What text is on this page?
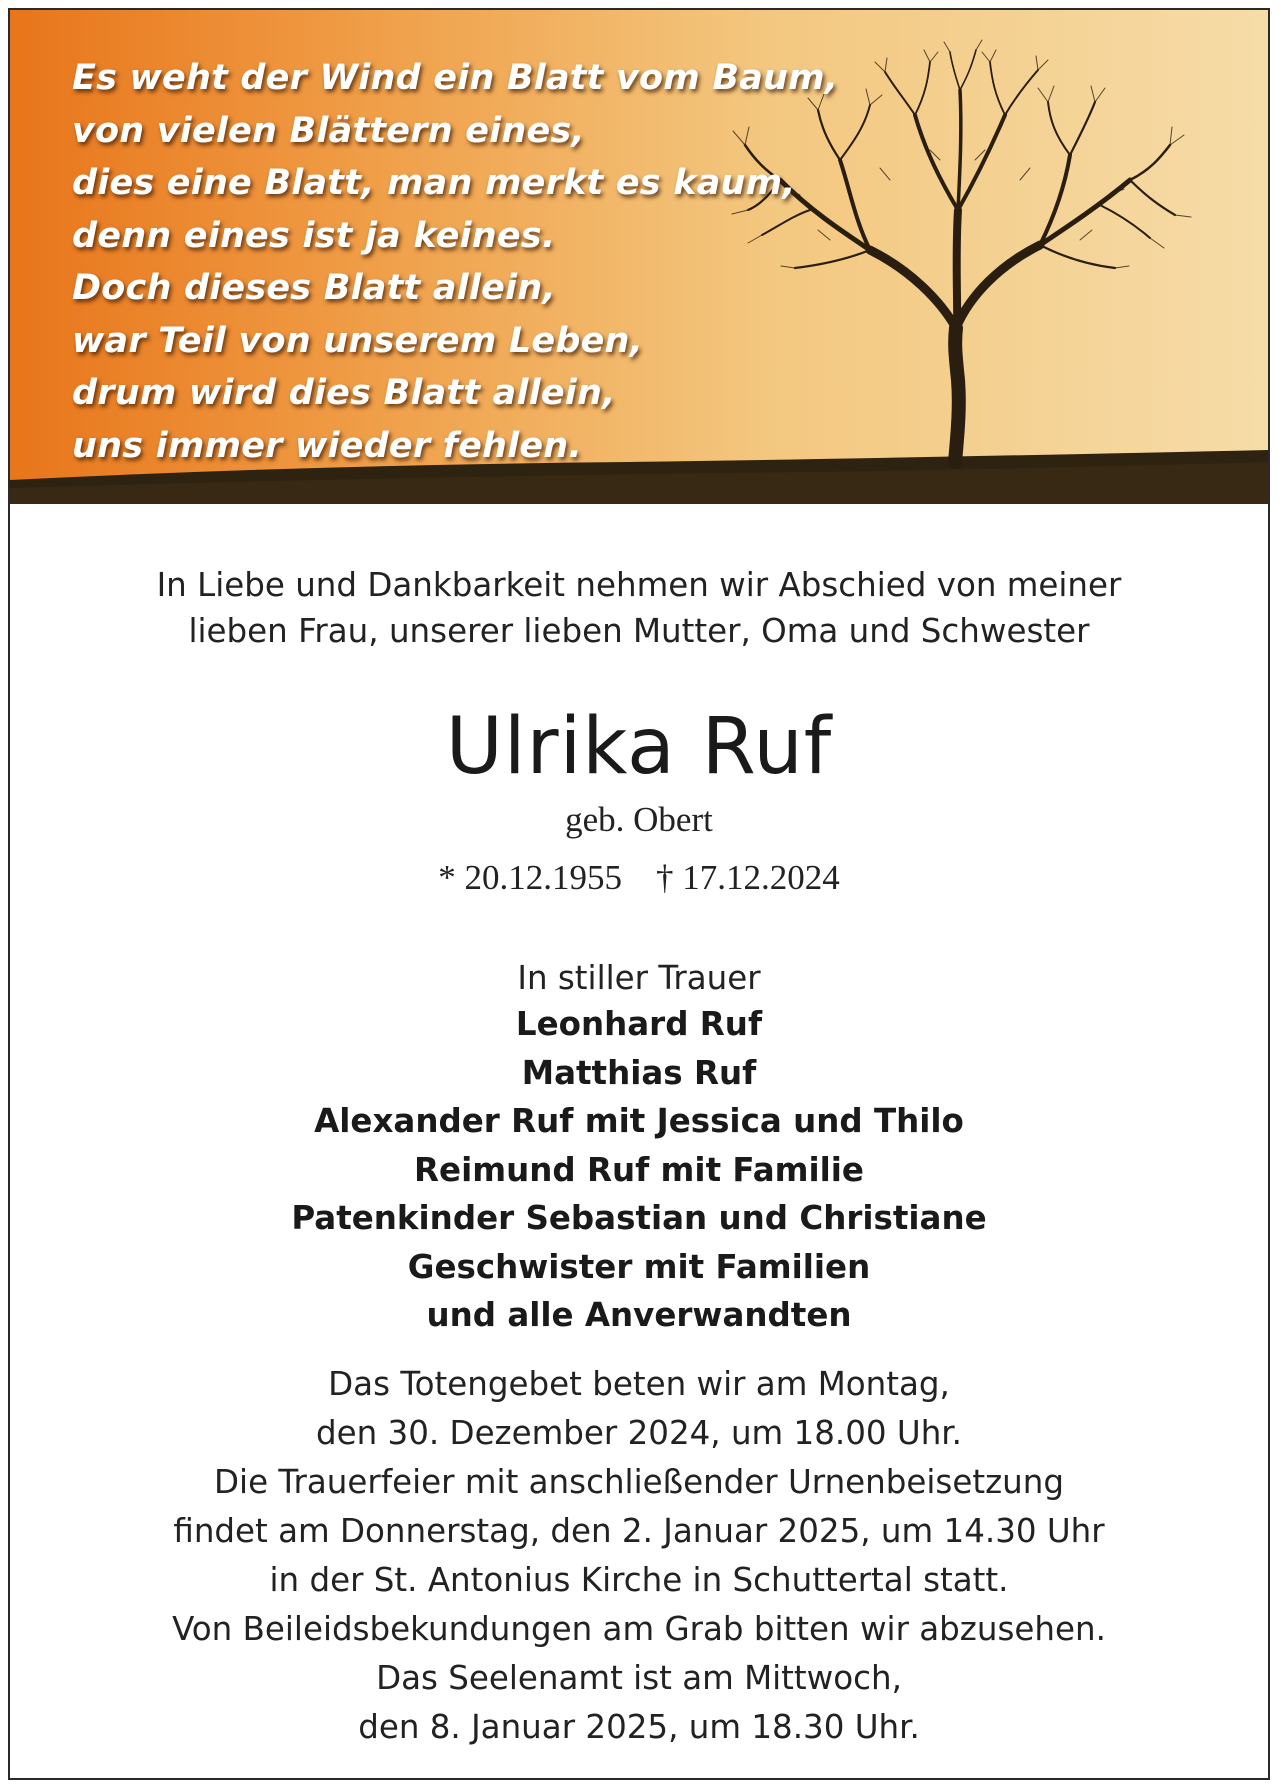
Es weht der Wind ein Blatt vom Baum,
von vielen Blättern eines,
dies eine Blatt, man merkt es kaum,
denn eines ist ja keines.
Doch dieses Blatt allein,
war Teil von unserem Leben,
drum wird dies Blatt allein,
uns immer wieder fehlen.
In Liebe und Dankbarkeit nehmen wir Abschied von meiner
lieben Frau, unserer lieben Mutter, Oma und Schwester
Ulrika Ruf
geb. Obert
* 20.12.1955 † 17.12.2024
In stiller Trauer
Leonhard Ruf
Matthias Ruf
Alexander Ruf mit Jessica und Thilo
Reimund Ruf mit Familie
Patenkinder Sebastian und Christiane
Geschwister mit Familien
und alle Anverwandten
Das Totengebet beten wir am Montag,
den 30. Dezember 2024, um 18.00 Uhr.
Die Trauerfeier mit anschließender Urnenbeisetzung
findet am Donnerstag, den 2. Januar 2025, um 14.30 Uhr
in der St. Antonius Kirche in Schuttertal statt.
Von Beileidsbekundungen am Grab bitten wir abzusehen.
Das Seelenamt ist am Mittwoch,
den 8. Januar 2025, um 18.30 Uhr.
